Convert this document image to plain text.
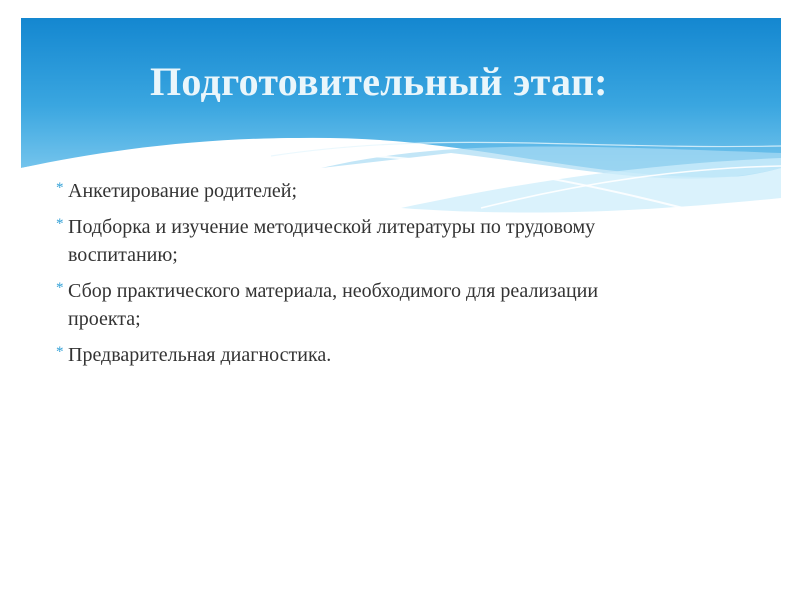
Подготовительный этап:
* Анкетирование родителей;
* Подборка и изучение методической литературы по трудовому воспитанию;
* Сбор практического материала, необходимого для реализации проекта;
* Предварительная диагностика.
